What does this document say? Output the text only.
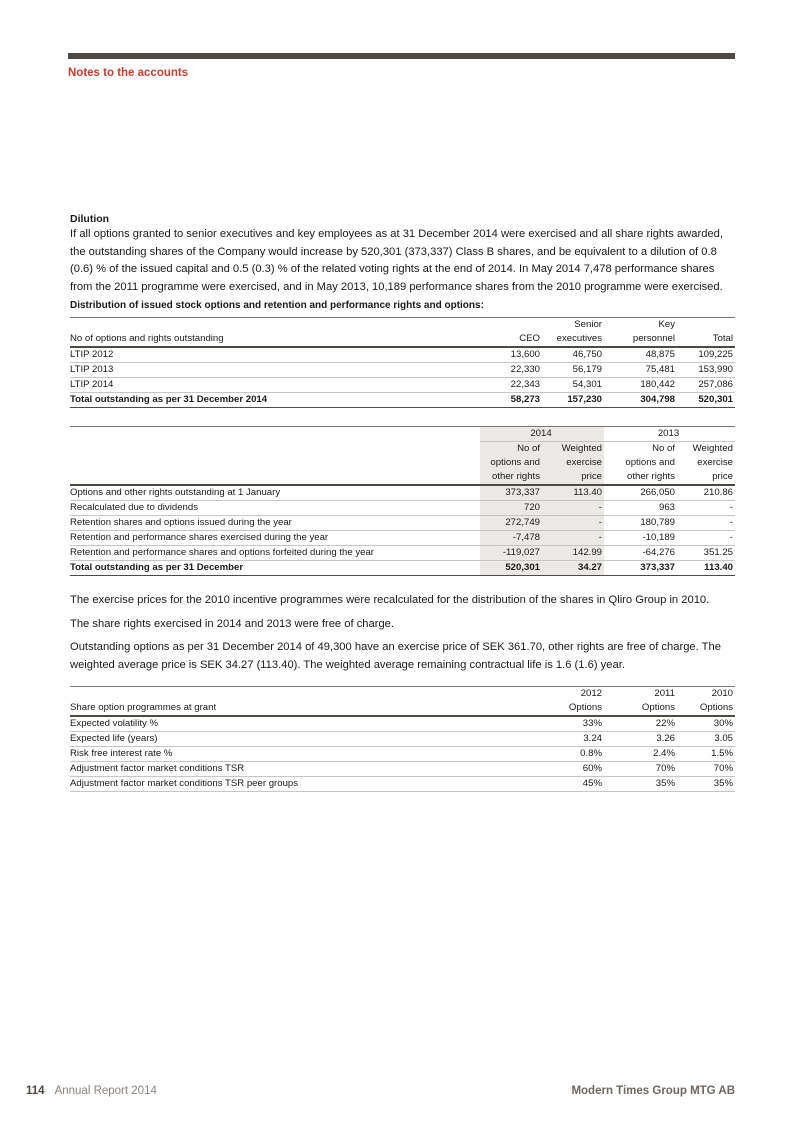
Notes to the accounts
Dilution

If all options granted to senior executives and key employees as at 31 December 2014 were exercised and all share rights awarded, the outstanding shares of the Company would increase by 520,301 (373,337) Class B shares, and be equivalent to a dilution of 0.8 (0.6) % of the issued capital and 0.5 (0.3) % of the related voting rights at the end of 2014. In May 2014 7,478 performance shares from the 2011 programme were exercised, and in May 2013, 10,189 performance shares from the 2010 programme were exercised.

Distribution of issued stock options and retention and performance rights and options:
		Senior	Key	
No of options and rights outstanding	CEO	executives	personnel	Total
LTIP 2012	13,600	46,750	48,875	109,225
LTIP 2013	22,330	56,179	75,481	153,990
LTIP 2014	22,343	54,301	180,442	257,086
Total outstanding as per 31 December 2014	58,273	157,230	304,798	520,301
	2014		2013	
	No of	Weighted	No of	Weighted
	options and	exercise	options and	exercise
	other rights	price	other rights	price
Options and other rights outstanding at 1 January	373,337	113.40	266,050	210.86
Recalculated due to dividends	720	-	963	-
Retention shares and options issued during the year	272,749	-	180,789	-
Retention and performance shares exercised during the year	-7,478	-	-10,189	-
Retention and performance shares and options forfeited during the year	-119,027	142.99	-64,276	351.25
Total outstanding as per 31 December	520,301	34.27	373,337	113.40

The exercise prices for the 2010 incentive programmes were recalculated for the distribution of the shares in Qliro Group in 2010.

The share rights exercised in 2014 and 2013 were free of charge.

Outstanding options as per 31 December 2014 of 49,300 have an exercise price of SEK 361.70, other rights are free of charge. The weighted average price is SEK 34.27 (113.40). The weighted average remaining contractual life is 1.6 (1.6) year.

	2012	2011	2010
Share option programmes at grant	Options	Options	Options
Expected volatility %	33%	22%	30%
Expected life (years)	3.24	3.26	3.05
Risk free interest rate %	0.8%	2.4%	1.5%
Adjustment factor market conditions TSR	60%	70%	70%
Adjustment factor market conditions TSR peer groups	45%	35%	35%
114 Annual Report 2014	Modern Times Group MTG AB
